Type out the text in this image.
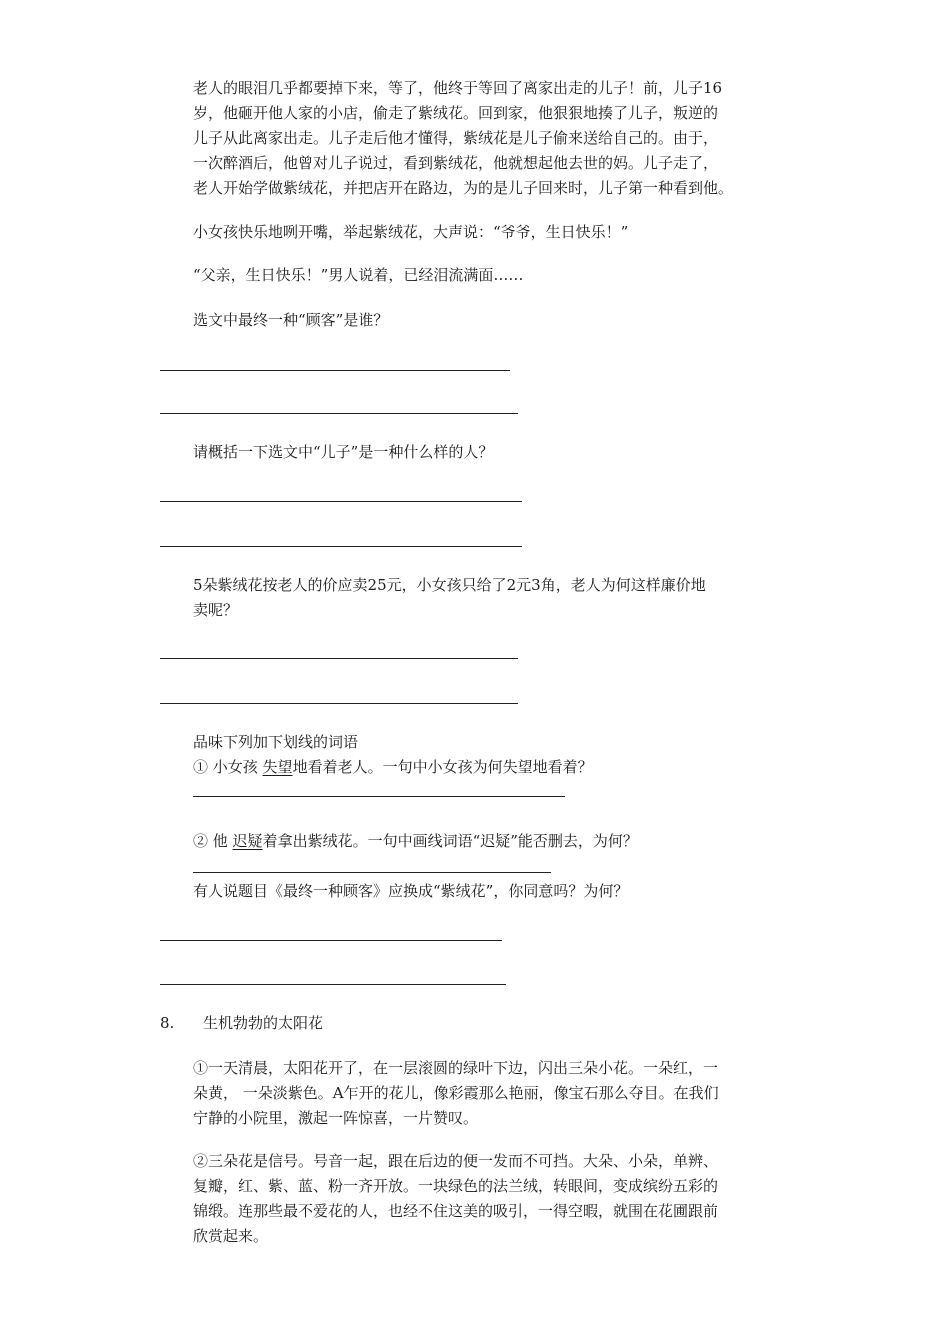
老人的眼泪几乎都要掉下来，等了，他终于等回了离家出走的儿子！前，儿子16
岁，他砸开他人家的小店，偷走了紫绒花。回到家，他狠狠地揍了儿子，叛逆的
儿子从此离家出走。儿子走后他才懂得，紫绒花是儿子偷来送给自己的。由于，
一次醉酒后，他曾对儿子说过，看到紫绒花，他就想起他去世的妈。儿子走了，
老人开始学做紫绒花，并把店开在路边，为的是儿子回来时，儿子第一种看到他。
小女孩快乐地咧开嘴，举起紫绒花，大声说：“爷爷，生日快乐！”
“父亲，生日快乐！”男人说着，已经泪流满面……
选文中最终一种“顾客”是谁？
请概括一下选文中“儿子”是一种什么样的人？
5朵紫绒花按老人的价应卖25元，小女孩只给了2元3角，老人为何这样廉价地
卖呢？
品味下列加下划线的词语
① 小女孩 失望地看着老人。一句中小女孩为何失望地看着？
② 他 迟疑着拿出紫绒花。一句中画线词语“迟疑”能否删去，为何？
有人说题目《最终一种顾客》应换成“紫绒花”，你同意吗？为何？
8. 生机勃勃的太阳花
①一天清晨，太阳花开了，在一层滚圆的绿叶下边，闪出三朵小花。一朵红，一
朵黄， 一朵淡紫色。A乍开的花儿，像彩霞那么艳丽，像宝石那么夺目。在我们
宁静的小院里，激起一阵惊喜，一片赞叹。
②三朵花是信号。号音一起，跟在后边的便一发而不可挡。大朵、小朵，单辨、
复瓣，红、紫、蓝、粉一齐开放。一块绿色的法兰绒，转眼间，变成缤纷五彩的
锦缎。连那些最不爱花的人，也经不住这美的吸引，一得空暇，就围在花圃跟前
欣赏起来。
